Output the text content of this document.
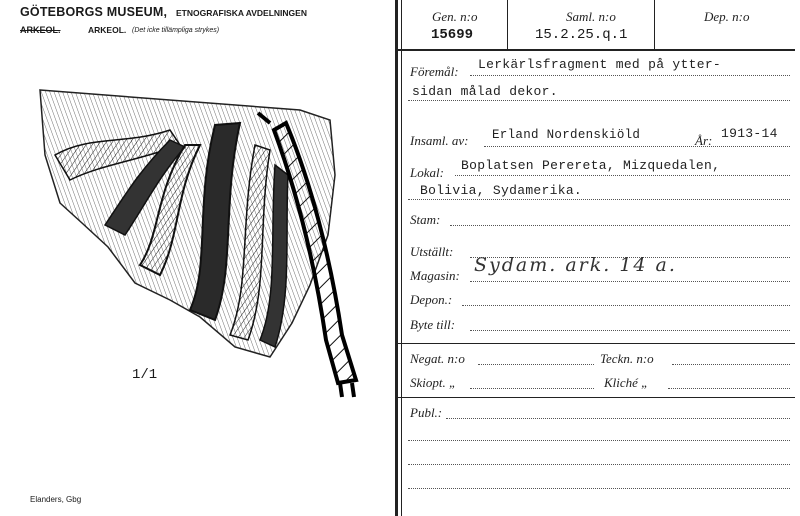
GÖTEBORGS MUSEUM, ETNOGRAFISKA AVDELNINGEN
ARKEOL.	ARKEOL. (Det icke tillämpliga strykes)
1/1
Elanders, Gbg
Gen. n:o
15699
Saml. n:o
15.2.25.q.1
Dep. n:o
Föremål: Lerkärlsfragment med på ytter-
sidan målad dekor.
Insaml. av: Erland Nordenskiöld	År: 1913-14
Lokal: Boplatsen Perereta, Mizquedalen,
Bolivia, Sydamerika.
Stam:
Utställt:
Magasin: Sydam. ark. 14 a.
Depon.:
Byte till:
Negat. n:o	Teckn. n:o
Skiopt. „	Kliché „
Publ.:
